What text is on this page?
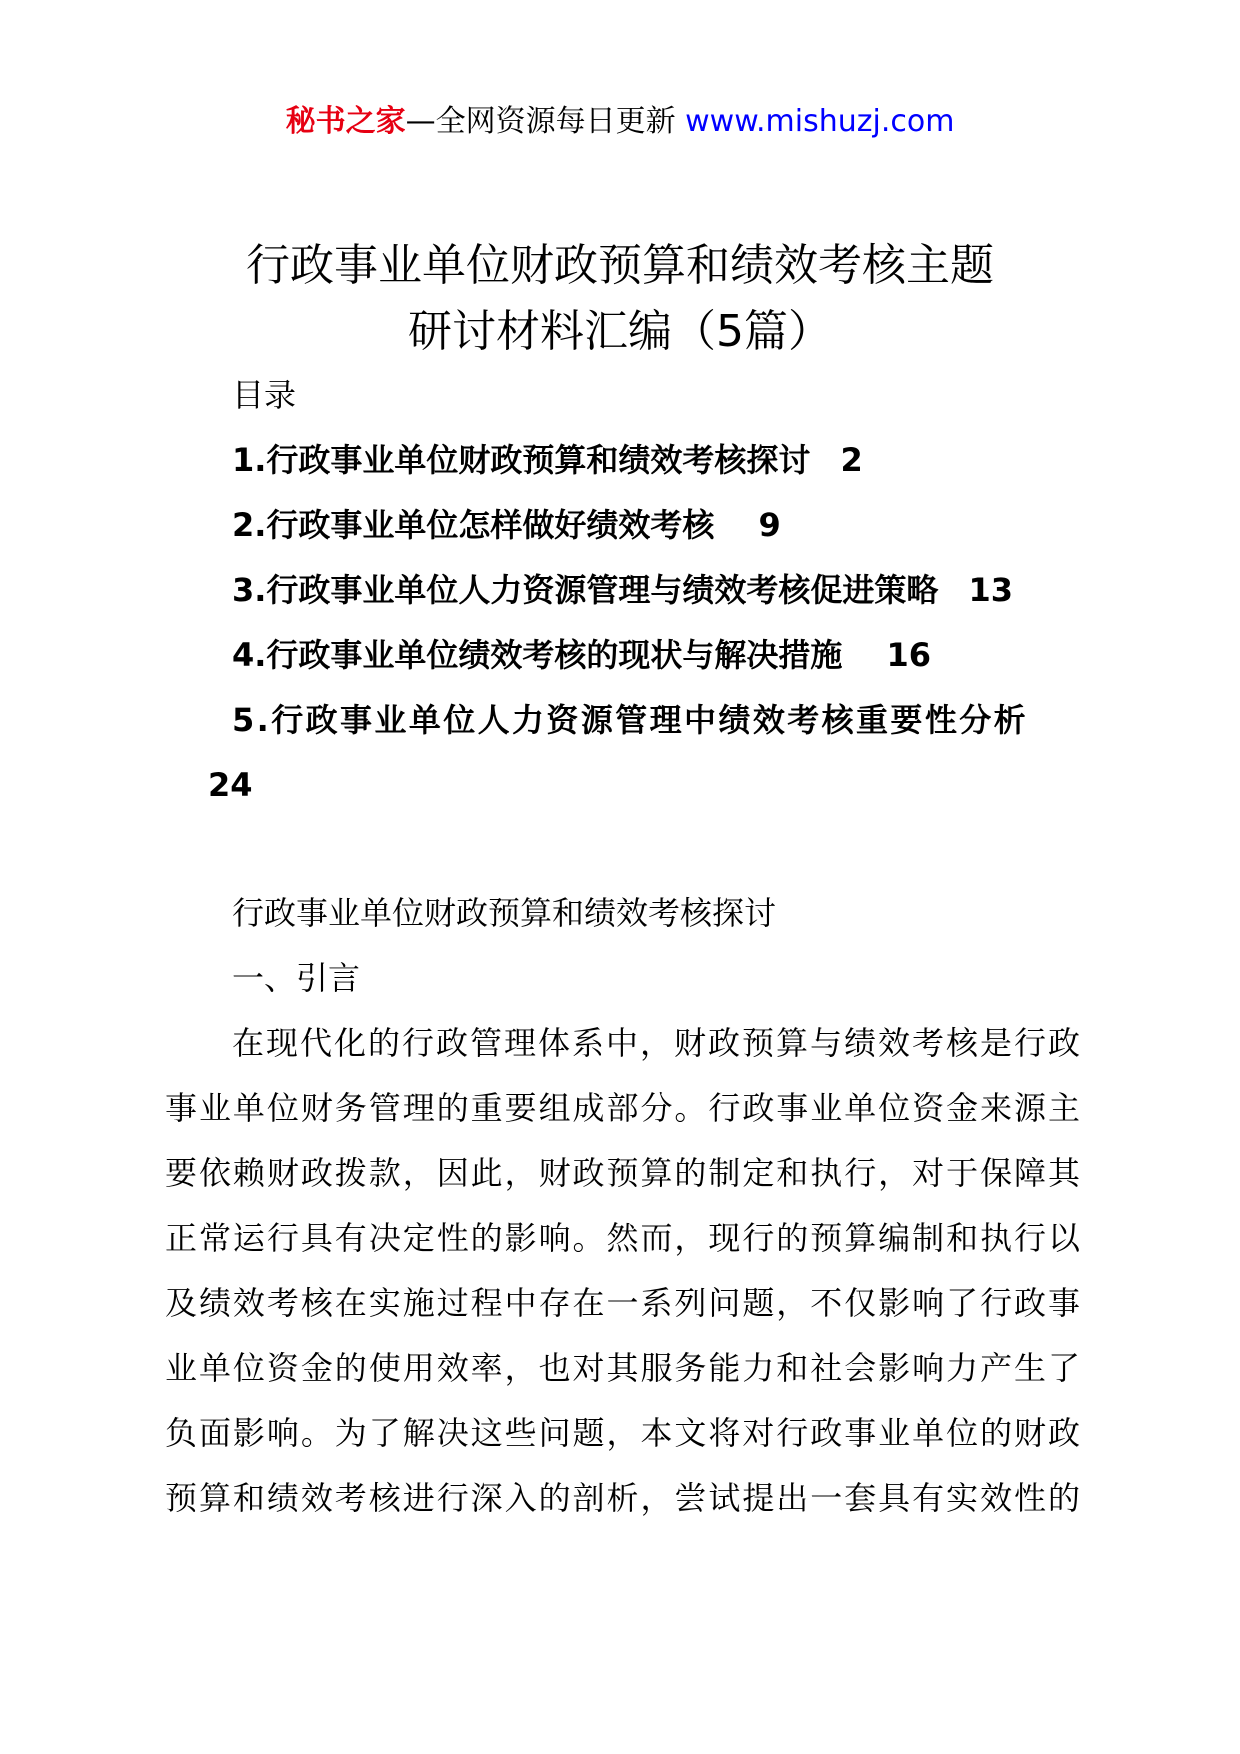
秘书之家—全网资源每日更新 www.mishuzj.com
行政事业单位财政预算和绩效考核主题
研讨材料汇编（5篇）
目录
1.行政事业单位财政预算和绩效考核探讨 2
2.行政事业单位怎样做好绩效考核 9
3.行政事业单位人力资源管理与绩效考核促进策略 13
4.行政事业单位绩效考核的现状与解决措施 16
5.行政事业单位人力资源管理中绩效考核重要性分析
24
行政事业单位财政预算和绩效考核探讨
一、引言
在现代化的行政管理体系中，财政预算与绩效考核是行政
事业单位财务管理的重要组成部分。行政事业单位资金来源主
要依赖财政拨款，因此，财政预算的制定和执行，对于保障其
正常运行具有决定性的影响。然而，现行的预算编制和执行以
及绩效考核在实施过程中存在一系列问题，不仅影响了行政事
业单位资金的使用效率，也对其服务能力和社会影响力产生了
负面影响。为了解决这些问题，本文将对行政事业单位的财政
预算和绩效考核进行深入的剖析，尝试提出一套具有实效性的
